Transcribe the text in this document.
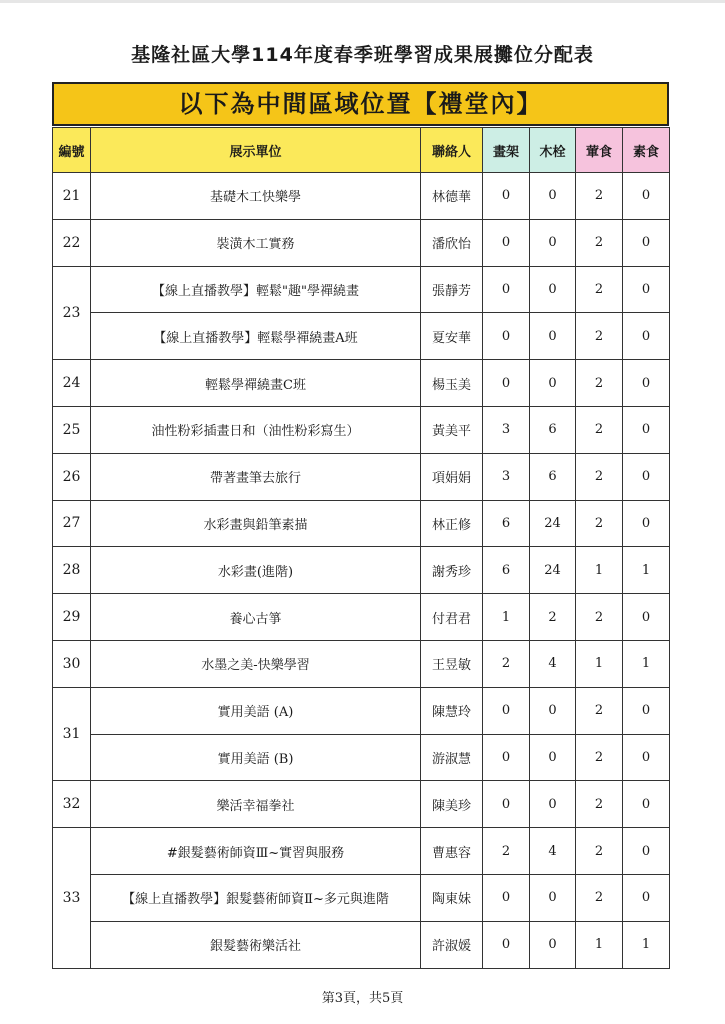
基隆社區大學114年度春季班學習成果展攤位分配表
以下為中間區域位置【禮堂內】
編號	展示單位	聯絡人	畫架	木栓	葷食	素食
21	基礎木工快樂學	林德華	0	0	2	0
22	裝潢木工實務	潘欣怡	0	0	2	0
23	【線上直播教學】輕鬆"趣"學禪繞畫	張靜芳	0	0	2	0
	【線上直播教學】輕鬆學禪繞畫A班	夏安華	0	0	2	0
24	輕鬆學禪繞畫C班	楊玉美	0	0	2	0
25	油性粉彩插畫日和（油性粉彩寫生）	黃美平	3	6	2	0
26	帶著畫筆去旅行	項娟娟	3	6	2	0
27	水彩畫與鉛筆素描	林正修	6	24	2	0
28	水彩畫(進階)	謝秀珍	6	24	1	1
29	養心古箏	付君君	1	2	2	0
30	水墨之美-快樂學習	王昱敏	2	4	1	1
31	實用美語 (A)	陳慧玲	0	0	2	0
	實用美語 (B)	游淑慧	0	0	2	0
32	樂活幸福拳社	陳美珍	0	0	2	0
33	#銀髮藝術師資Ⅲ~實習與服務	曹惠容	2	4	2	0
	【線上直播教學】銀髮藝術師資Ⅱ~多元與進階	陶東妹	0	0	2	0
	銀髮藝術樂活社	許淑媛	0	0	1	1
第3頁，共5頁
